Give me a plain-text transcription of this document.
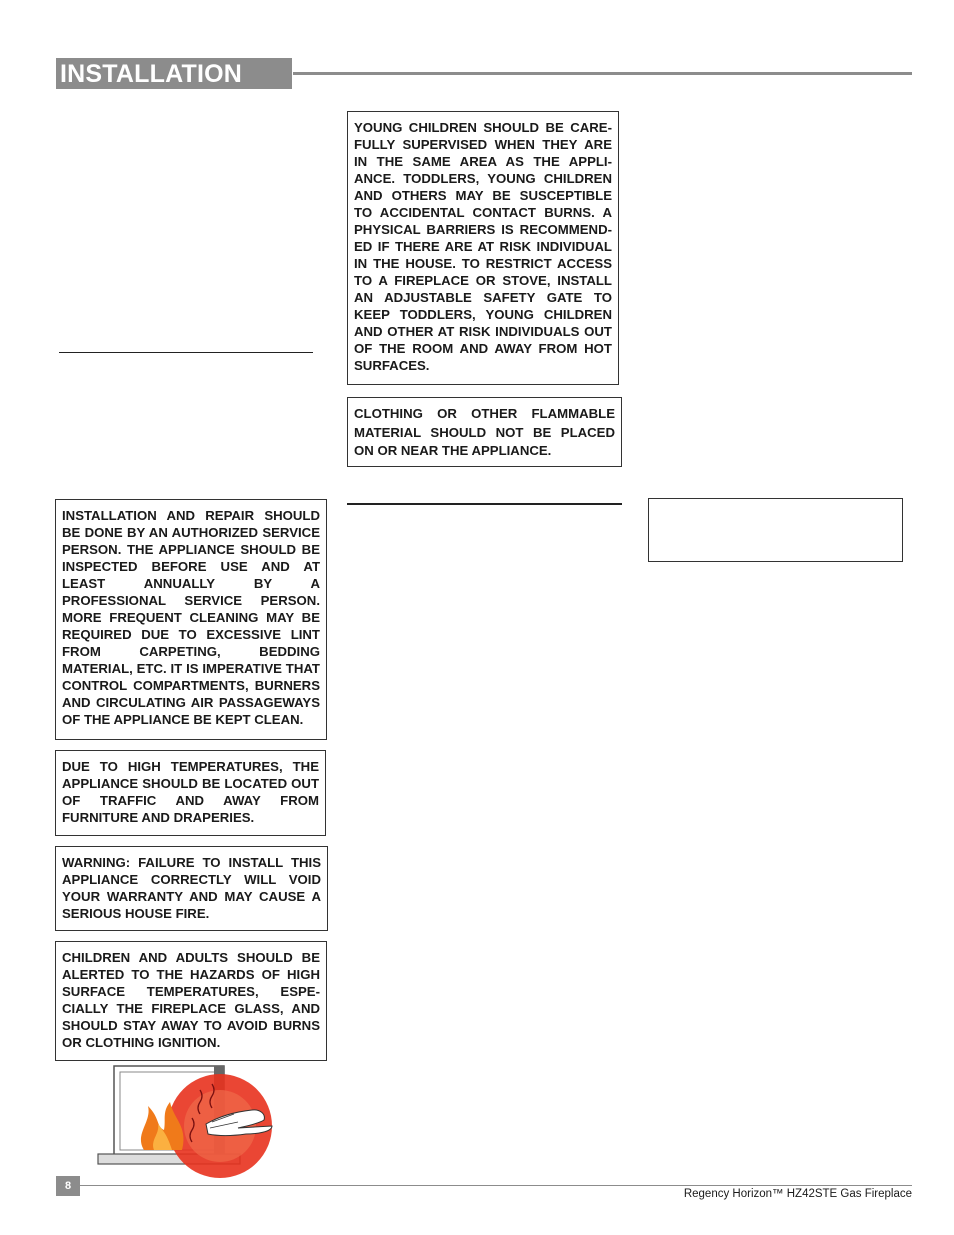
INSTALLATION

YOUNG CHILDREN SHOULD BE CARE-FULLY SUPERVISED WHEN THEY ARE IN THE SAME AREA AS THE APPLI-ANCE. TODDLERS, YOUNG CHILDREN AND OTHERS MAY BE SUSCEPTIBLE TO ACCIDENTAL CONTACT BURNS. A PHYSICAL BARRIERS IS RECOMMEND-ED IF THERE ARE AT RISK INDIVIDUAL IN THE HOUSE. TO RESTRICT ACCESS TO A FIREPLACE OR STOVE, INSTALL AN ADJUSTABLE SAFETY GATE TO KEEP TODDLERS, YOUNG CHILDREN AND OTHER AT RISK INDIVIDUALS OUT OF THE ROOM AND AWAY FROM HOT SURFACES.

CLOTHING OR OTHER FLAMMABLE MATERIAL SHOULD NOT BE PLACED ON OR NEAR THE APPLIANCE.

INSTALLATION AND REPAIR SHOULD BE DONE BY AN AUTHORIZED SERVICE PERSON. THE APPLIANCE SHOULD BE INSPECTED BEFORE USE AND AT LEAST ANNUALLY BY A PROFESSIONAL SERVICE PERSON. MORE FREQUENT CLEANING MAY BE REQUIRED DUE TO EXCESSIVE LINT FROM CARPETING, BEDDING MATERIAL, ETC. IT IS IMPERATIVE THAT CONTROL COMPARTMENTS, BURNERS AND CIRCULATING AIR PASSAGEWAYS OF THE APPLIANCE BE KEPT CLEAN.

DUE TO HIGH TEMPERATURES, THE APPLIANCE SHOULD BE LOCATED OUT OF TRAFFIC AND AWAY FROM FURNITURE AND DRAPERIES.

WARNING: FAILURE TO INSTALL THIS APPLIANCE CORRECTLY WILL VOID YOUR WARRANTY AND MAY CAUSE A SERIOUS HOUSE FIRE.

CHILDREN AND ADULTS SHOULD BE ALERTED TO THE HAZARDS OF HIGH SURFACE TEMPERATURES, ESPE-CIALLY THE FIREPLACE GLASS, AND SHOULD STAY AWAY TO AVOID BURNS OR CLOTHING IGNITION.

8
Regency Horizon™ HZ42STE Gas Fireplace
